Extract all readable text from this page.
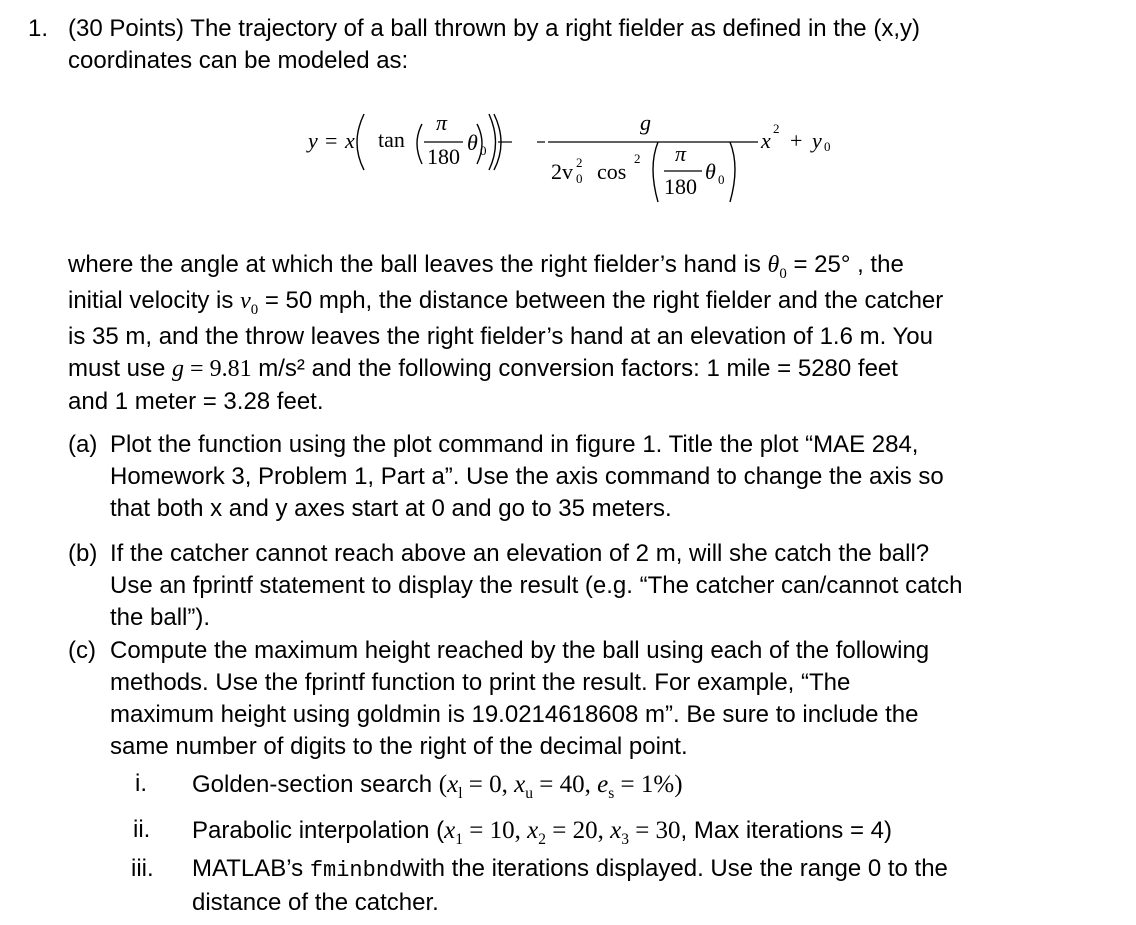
1. (30 Points) The trajectory of a ball thrown by a right fielder as defined in the (x,y)
coordinates can be modeled as:
y = x tan
π
180
θ 0
g
2v 2
0 cos
2 π
180
θ 0
x 2 + y 0
where the angle at which the ball leaves the right fielder’s hand is $\theta_0 = 25^\circ$ , the
initial velocity is $v_0 = 50$ mph, the distance between the right fielder and the catcher
is 35 m, and the throw leaves the right fielder’s hand at an elevation of 1.6 m. You
must use g = 9.81 m/s² and the following conversion factors: 1 mile = 5280 feet
and 1 meter = 3.28 feet.
(a) Plot the function using the plot command in figure 1. Title the plot “MAE 284,
Homework 3, Problem 1, Part a”. Use the axis command to change the axis so
that both x and y axes start at 0 and go to 35 meters.
(b) If the catcher cannot reach above an elevation of 2 m, will she catch the ball?
Use an fprintf statement to display the result (e.g. “The catcher can/cannot catch
the ball”).
(c) Compute the maximum height reached by the ball using each of the following
methods. Use the fprintf function to print the result. For example, “The
maximum height using goldmin is 19.0214618608 m”. Be sure to include the
same number of digits to the right of the decimal point.
i. Golden-section search ($x_l = 0$, $x_u = 40$, $e_s = 1\%$)
ii. Parabolic interpolation ($x_1 = 10$, $x_2 = 20$, $x_3 = 30$, Max iterations = 4)
iii. MATLAB’s fminbndwith the iterations displayed. Use the range 0 to the
distance of the catcher.
